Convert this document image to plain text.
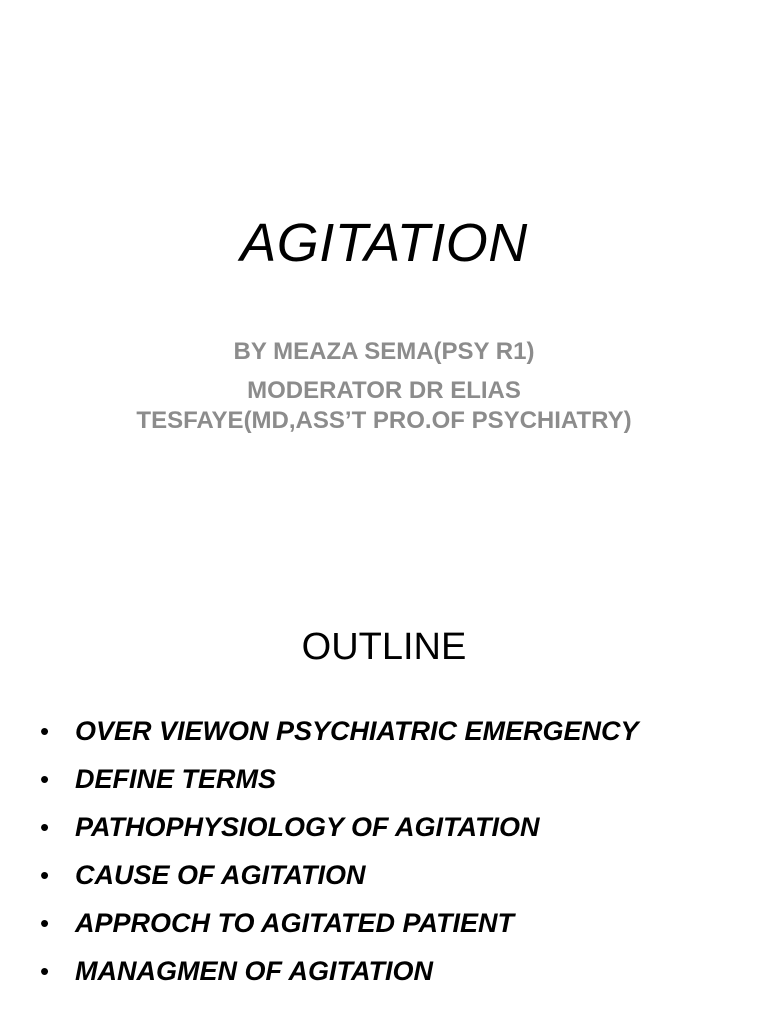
AGITATION

BY MEAZA SEMA(PSY R1)

MODERATOR DR ELIAS
TESFAYE(MD,ASS’T PRO.OF PSYCHIATRY)

OUTLINE
• OVER VIEWON PSYCHIATRIC EMERGENCY
• DEFINE TERMS
• PATHOPHYSIOLOGY OF AGITATION
• CAUSE OF AGITATION
• APPROCH TO AGITATED PATIENT
• MANAGMEN OF AGITATION
